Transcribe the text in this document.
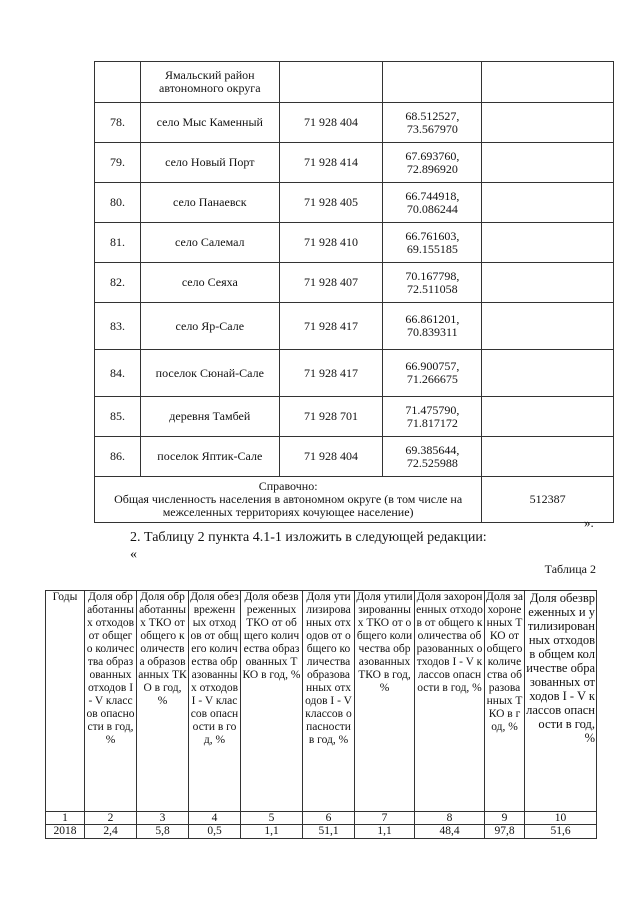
	Ямальский район автономного округа			
78.	село Мыс Каменный	71 928 404	68.512527,
73.567970	

79.	село Новый Порт	71 928 414	67.693760,
72.896920	

80.	село Панаевск	71 928 405	66.744918,
70.086244	

81.	село Салемал	71 928 410	66.761603,
69.155185	

82.	село Сеяха	71 928 407	70.167798,
72.511058	

83.	село Яр-Сале	71 928 417	66.861201,
70.839311	

84.	поселок Сюнай-Сале	71 928 417	66.900757,
71.266675	

85.	деревня Тамбей	71 928 701	71.475790,
71.817172	

86.	поселок Яптик-Сале	71 928 404	69.385644,
72.525988	

Справочно:
Общая численность населения в автономном округе (в том числе на межселенных территориях кочующее население)				512387
».
2. Таблицу 2 пункта 4.1-1 изложить в следующей редакции:
«
Таблица 2
Годы	Доля обработанных отходов от общего количества образованных отходов I - V классов опасности в год, %	Доля обработанных ТКО от общего количества образованных ТКО в год, %	Доля обезвреженных отходов от общего количества образованных отходов I - V классов опасности в год, %	Доля обезвреженных ТКО от общего количества образованных ТКО в год, %	Доля утилизированных отходов от общего количества образованных отходов I - V классов опасности в год, %	Доля утилизированных ТКО от общего количества образованных ТКО в год, %	Доля захороненных отходов от общего количества образованных отходов I - V классов опасности в год, %	Доля захороненных ТКО от общего количества образованных ТКО в год, %	Доля обезвреженных и утилизированных отходов в общем количестве образованных отходов I - V классов опасности в год, %
1	2	3	4	5	6	7	8	9	10
2018	2,4	5,8	0,5	1,1	51,1	1,1	48,4	97,8	51,6
